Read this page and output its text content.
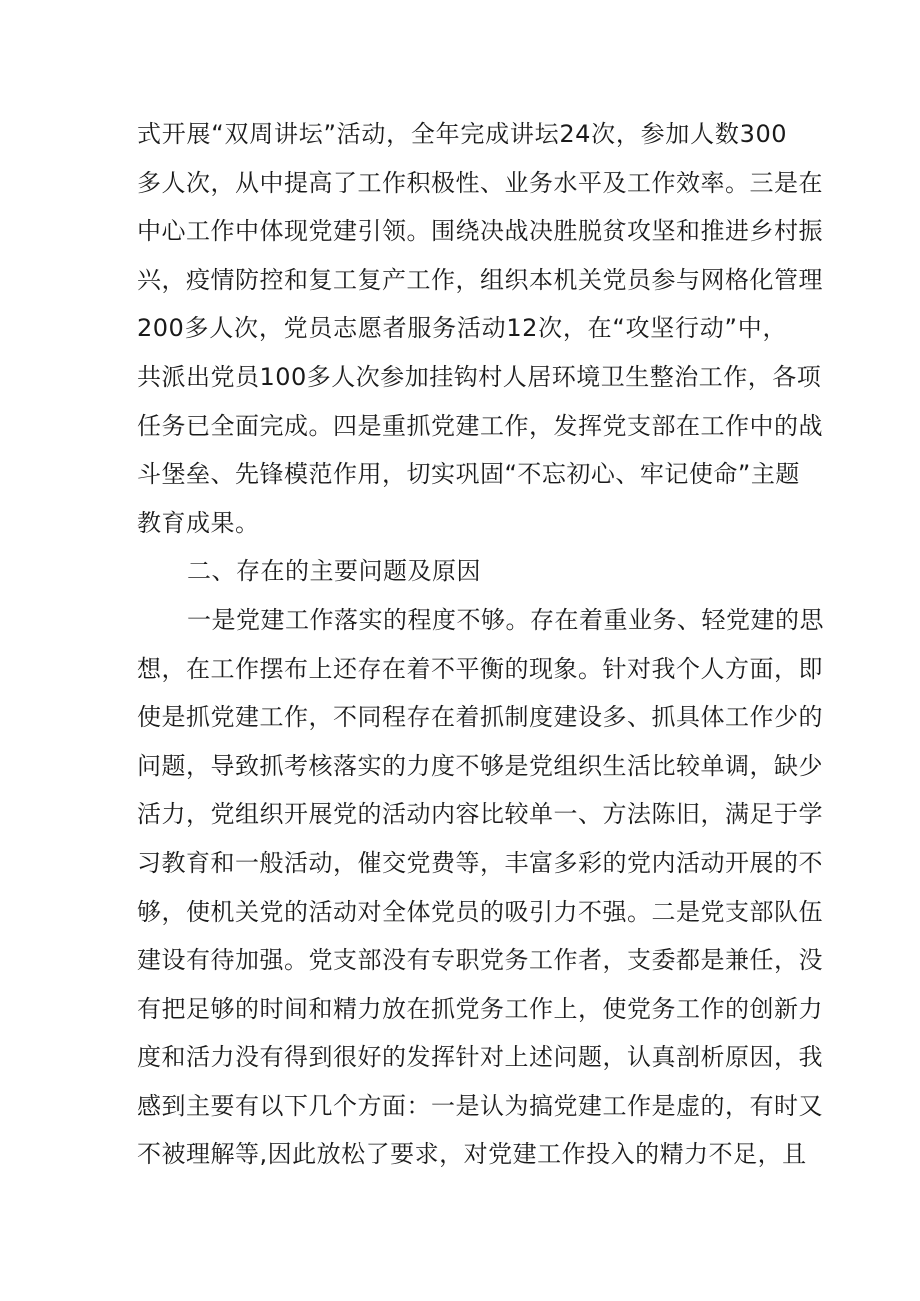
式开展“双周讲坛”活动，全年完成讲坛24次，参加人数300
多人次，从中提高了工作积极性、业务水平及工作效率。三是在
中心工作中体现党建引领。围绕决战决胜脱贫攻坚和推进乡村振
兴，疫情防控和复工复产工作，组织本机关党员参与网格化管理
200多人次，党员志愿者服务活动12次，在“攻坚行动”中，
共派出党员100多人次参加挂钩村人居环境卫生整治工作，各项
任务已全面完成。四是重抓党建工作，发挥党支部在工作中的战
斗堡垒、先锋模范作用，切实巩固“不忘初心、牢记使命”主题
教育成果。
二、存在的主要问题及原因
一是党建工作落实的程度不够。存在着重业务、轻党建的思
想，在工作摆布上还存在着不平衡的现象。针对我个人方面，即
使是抓党建工作，不同程存在着抓制度建设多、抓具体工作少的
问题，导致抓考核落实的力度不够是党组织生活比较单调，缺少
活力，党组织开展党的活动内容比较单一、方法陈旧，满足于学
习教育和一般活动，催交党费等，丰富多彩的党内活动开展的不
够，使机关党的活动对全体党员的吸引力不强。二是党支部队伍
建设有待加强。党支部没有专职党务工作者，支委都是兼任，没
有把足够的时间和精力放在抓党务工作上，使党务工作的创新力
度和活力没有得到很好的发挥针对上述问题，认真剖析原因，我
感到主要有以下几个方面：一是认为搞党建工作是虚的，有时又
不被理解等,因此放松了要求，对党建工作投入的精力不足，且
